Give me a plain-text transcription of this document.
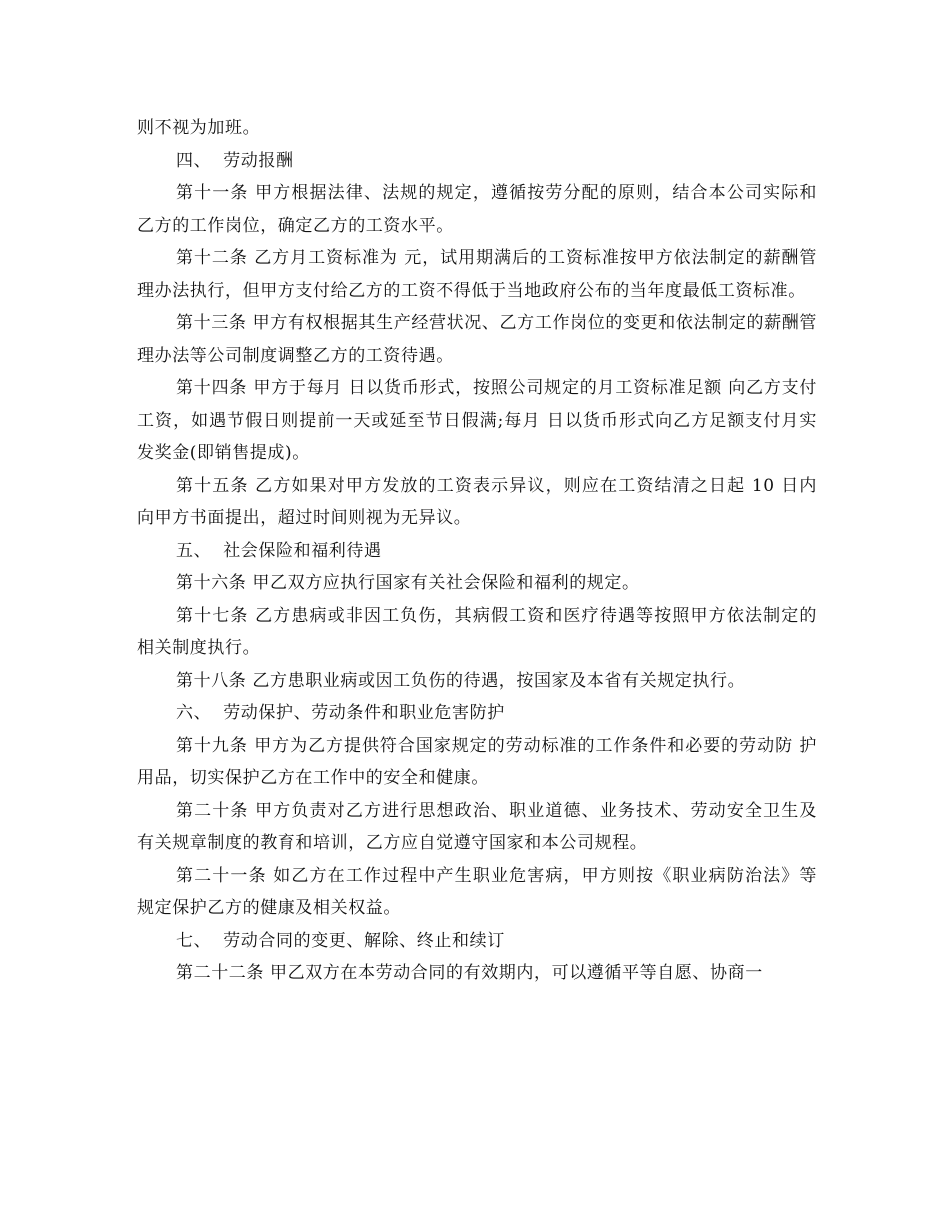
则不视为加班。

四、  劳动报酬

第十一条 甲方根据法律、法规的规定，遵循按劳分配的原则，结合本公司实际和 乙方的工作岗位，确定乙方的工资水平。

第十二条 乙方月工资标准为 元，试用期满后的工资标准按甲方依法制定的薪酬管理办法执行，但甲方支付给乙方的工资不得低于当地政府公布的当年度最低工资标准。

第十三条 甲方有权根据其生产经营状况、乙方工作岗位的变更和依法制定的薪酬管理办法等公司制度调整乙方的工资待遇。

第十四条 甲方于每月 日以货币形式，按照公司规定的月工资标准足额 向乙方支付工资，如遇节假日则提前一天或延至节日假满;每月 日以货币形式向乙方足额支付月实发奖金(即销售提成)。

第十五条 乙方如果对甲方发放的工资表示异议，则应在工资结清之日起 10 日内 向甲方书面提出，超过时间则视为无异议。

五、  社会保险和福利待遇

第十六条 甲乙双方应执行国家有关社会保险和福利的规定。

第十七条 乙方患病或非因工负伤，其病假工资和医疗待遇等按照甲方依法制定的 相关制度执行。

第十八条 乙方患职业病或因工负伤的待遇，按国家及本省有关规定执行。

六、  劳动保护、劳动条件和职业危害防护

第十九条 甲方为乙方提供符合国家规定的劳动标准的工作条件和必要的劳动防 护用品，切实保护乙方在工作中的安全和健康。

第二十条 甲方负责对乙方进行思想政治、职业道德、业务技术、劳动安全卫生及 有关规章制度的教育和培训，乙方应自觉遵守国家和本公司规程。

第二十一条 如乙方在工作过程中产生职业危害病，甲方则按《职业病防治法》等 规定保护乙方的健康及相关权益。

七、  劳动合同的变更、解除、终止和续订

第二十二条 甲乙双方在本劳动合同的有效期内，可以遵循平等自愿、协商一
